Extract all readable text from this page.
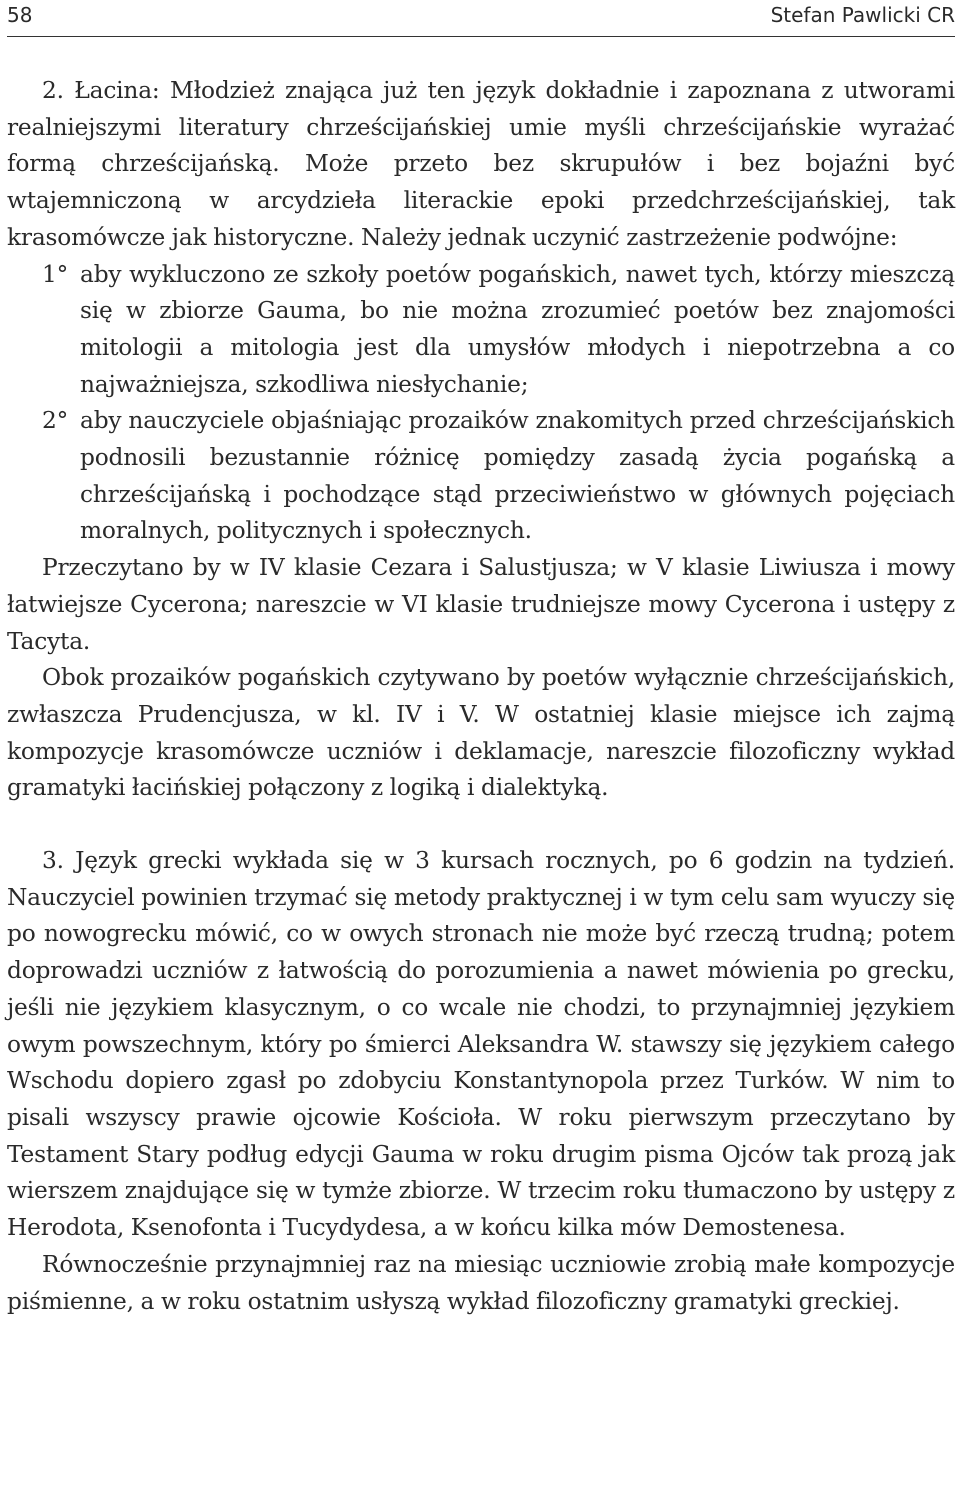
58	Stefan Pawlicki CR

2. Łacina: Młodzież znająca już ten język dokładnie i zapoznana z utworami realniejszymi literatury chrześcijańskiej umie myśli chrześcijańskie wyrażać formą chrześcijańską. Może przeto bez skrupułów i bez bojaźni być wtajemniczoną w arcydzieła literackie epoki przedchrześcijańskiej, tak krasomówcze jak historyczne. Należy jednak uczynić zastrzeżenie podwójne:

1° aby wykluczono ze szkoły poetów pogańskich, nawet tych, którzy mieszczą się w zbiorze Gauma, bo nie można zrozumieć poetów bez znajomości mitologii a mitologia jest dla umysłów młodych i niepotrzebna a co najważniejsza, szkodliwa niesłychanie;

2° aby nauczyciele objaśniając prozaików znakomitych przed chrześcijańskich podnosili bezustannie różnicę pomiędzy zasadą życia pogańską a chrześcijańską i pochodzące stąd przeciwieństwo w głównych pojęciach moralnych, politycznych i społecznych.

Przeczytano by w IV klasie Cezara i Salustjusza; w V klasie Liwiusza i mowy łatwiejsze Cycerona; nareszcie w VI klasie trudniejsze mowy Cycerona i ustępy z Tacyta.

Obok prozaików pogańskich czytywano by poetów wyłącznie chrześcijańskich, zwłaszcza Prudencjusza, w kl. IV i V. W ostatniej klasie miejsce ich zajmą kompozycje krasomówcze uczniów i deklamacje, nareszcie filozoficzny wykład gramatyki łacińskiej połączony z logiką i dialektyką.

3. Język grecki wykłada się w 3 kursach rocznych, po 6 godzin na tydzień. Nauczyciel powinien trzymać się metody praktycznej i w tym celu sam wyuczy się po nowogrecku mówić, co w owych stronach nie może być rzeczą trudną; potem doprowadzi uczniów z łatwością do porozumienia a nawet mówienia po grecku, jeśli nie językiem klasycznym, o co wcale nie chodzi, to przynajmniej językiem owym powszechnym, który po śmierci Aleksandra W. stawszy się językiem całego Wschodu dopiero zgasł po zdobyciu Konstantynopola przez Turków. W nim to pisali wszyscy prawie ojcowie Kościoła. W roku pierwszym przeczytano by Testament Stary podług edycji Gauma w roku drugim pisma Ojców tak prozą jak wierszem znajdujące się w tymże zbiorze. W trzecim roku tłumaczono by ustępy z Herodota, Ksenofonta i Tucydydesa, a w końcu kilka mów Demostenesa.

Równocześnie przynajmniej raz na miesiąc uczniowie zrobią małe kompozycje piśmienne, a w roku ostatnim usłyszą wykład filozoficzny gramatyki greckiej.
